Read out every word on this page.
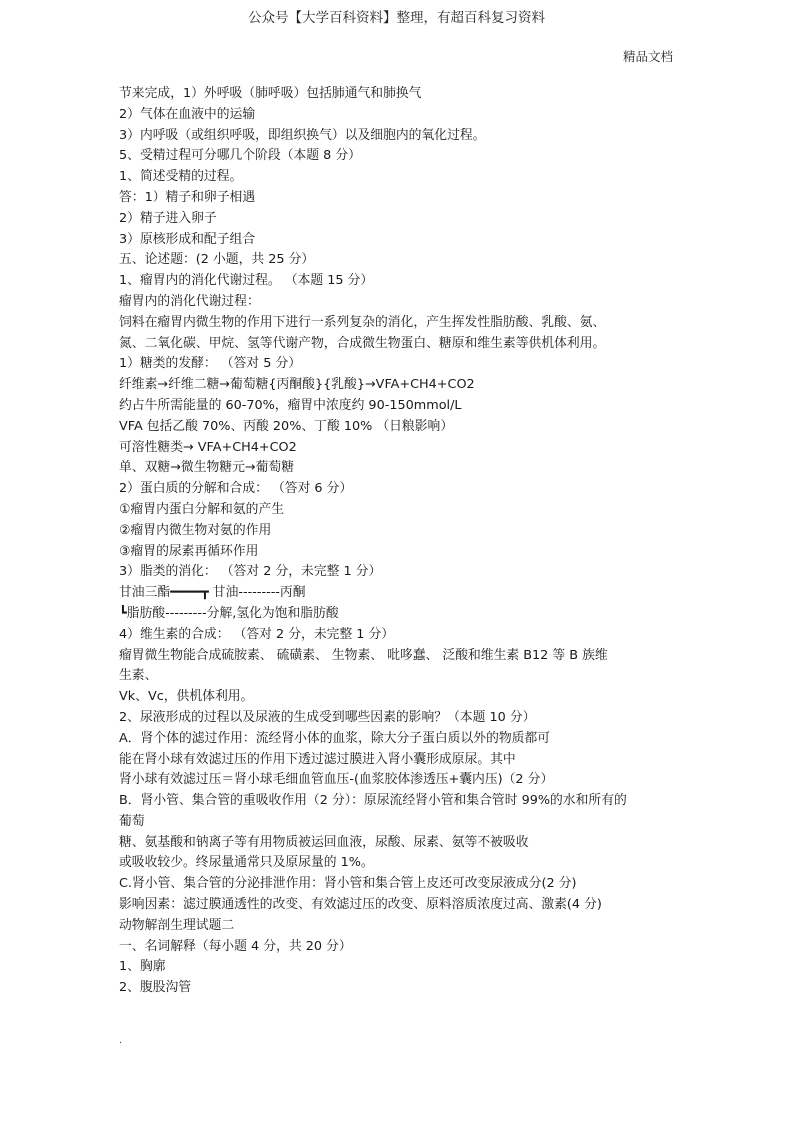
公众号【大学百科资料】整理，有超百科复习资料
精品文档

节来完成，1）外呼吸（肺呼吸）包括肺通气和肺换气

2）气体在血液中的运输

3）内呼吸（或组织呼吸，即组织换气）以及细胞内的氧化过程。

5、受精过程可分哪几个阶段（本题 8 分）

1、简述受精的过程。

答：1）精子和卵子相遇

2）精子进入卵子

3）原核形成和配子组合

五、论述题：(2 小题，共 25 分）

1、瘤胃内的消化代谢过程。 （本题 15 分）

瘤胃内的消化代谢过程：

饲料在瘤胃内微生物的作用下进行一系列复杂的消化，产生挥发性脂肪酸、乳酸、氨、

氮、二氧化碳、甲烷、氢等代谢产物，合成微生物蛋白、糖原和维生素等供机体利用。

1）糖类的发酵： （答对 5 分）

纤维素→纤维二糖→葡萄糖{丙酮酸}{乳酸}→VFA+CH4+CO2

约占牛所需能量的 60-70%，瘤胃中浓度约 90-150mmol/L

VFA 包括乙酸 70%、丙酸 20%、丁酸 10% （日粮影响）

可溶性糖类→ VFA+CH4+CO2

单、双糖→微生物糖元→葡萄糖

2）蛋白质的分解和合成： （答对 6 分）

①瘤胃内蛋白分解和氨的产生

②瘤胃内微生物对氨的作用

③瘤胃的尿素再循环作用

3）脂类的消化： （答对 2 分，未完整 1 分）

甘油三酯━━━━┳ 甘油---------丙酮

┗脂肪酸---------分解,氢化为饱和脂肪酸

4）维生素的合成： （答对 2 分，未完整 1 分）

瘤胃微生物能合成硫胺素、 硫磺素、 生物素、 吡哆蠢、 泛酸和维生素 B12 等 B 族维

生素、

Vk、Vc，供机体利用。

2、尿液形成的过程以及尿液的生成受到哪些因素的影响？（本题 10 分）

A．肾个体的滤过作用：流经肾小体的血浆，除大分子蛋白质以外的物质都可

能在肾小球有效滤过压的作用下透过滤过膜进入肾小囊形成原尿。其中

肾小球有效滤过压＝肾小球毛细血管血压-(血浆胶体渗透压+囊内压)（2 分）

B．肾小管、集合管的重吸收作用（2 分）：原尿流经肾小管和集合管时 99%的水和所有的

葡萄

糖、氨基酸和钠离子等有用物质被运回血液，尿酸、尿素、氨等不被吸收

或吸收较少。终尿量通常只及原尿量的 1%。

C.肾小管、集合管的分泌排泄作用：肾小管和集合管上皮还可改变尿液成分(2 分)

影响因素：滤过膜通透性的改变、有效滤过压的改变、原料溶质浓度过高、激素(4 分)

动物解剖生理试题二

一、名词解释（每小题 4 分，共 20 分）

1、胸廓

2、腹股沟管

.
